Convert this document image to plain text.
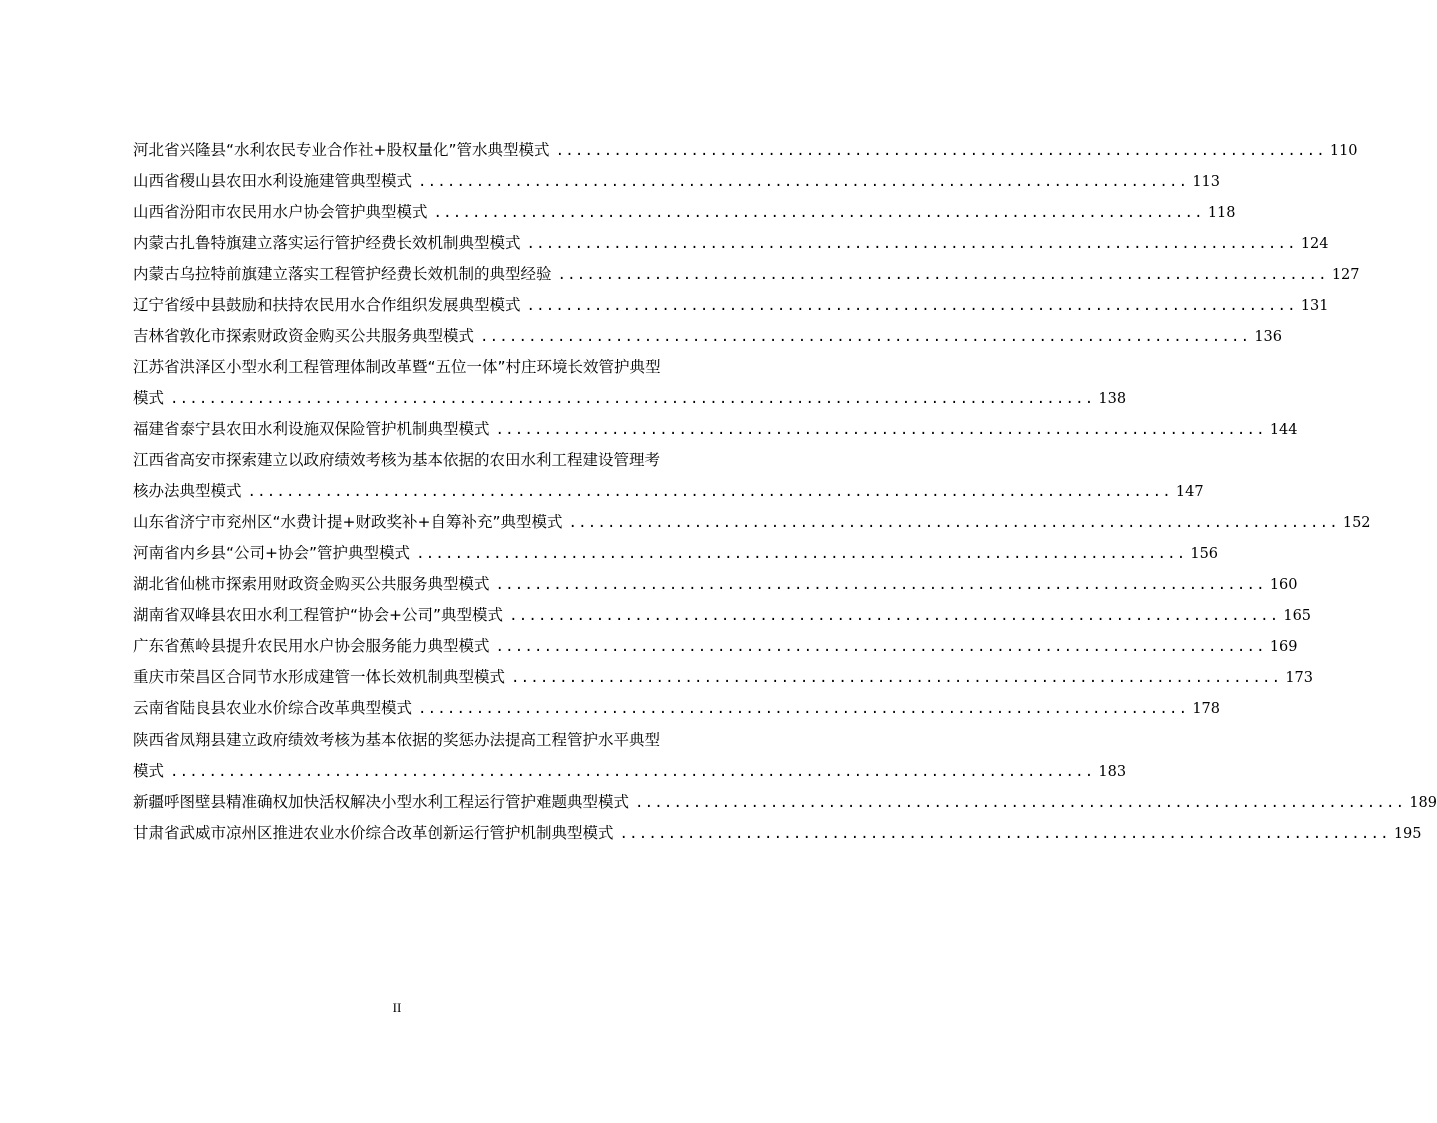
河北省兴隆县“水利农民专业合作社+股权量化”管水典型模式 ................................................................................ 110
山西省稷山县农田水利设施建管典型模式 ................................................................................ 113
山西省汾阳市农民用水户协会管护典型模式 ................................................................................ 118
内蒙古扎鲁特旗建立落实运行管护经费长效机制典型模式 ................................................................................ 124
内蒙古乌拉特前旗建立落实工程管护经费长效机制的典型经验 ................................................................................ 127
辽宁省绥中县鼓励和扶持农民用水合作组织发展典型模式 ................................................................................ 131
吉林省敦化市探索财政资金购买公共服务典型模式 ................................................................................ 136
江苏省洪泽区小型水利工程管理体制改革暨“五位一体”村庄环境长效管护典型
模式 ................................................................................................ 138
福建省泰宁县农田水利设施双保险管护机制典型模式 ................................................................................ 144
江西省高安市探索建立以政府绩效考核为基本依据的农田水利工程建设管理考
核办法典型模式 ................................................................................................ 147
山东省济宁市兖州区“水费计提+财政奖补+自筹补充”典型模式 ................................................................................ 152
河南省内乡县“公司+协会”管护典型模式 ................................................................................ 156
湖北省仙桃市探索用财政资金购买公共服务典型模式 ................................................................................ 160
湖南省双峰县农田水利工程管护“协会+公司”典型模式 ................................................................................ 165
广东省蕉岭县提升农民用水户协会服务能力典型模式 ................................................................................ 169
重庆市荣昌区合同节水形成建管一体长效机制典型模式 ................................................................................ 173
云南省陆良县农业水价综合改革典型模式 ................................................................................ 178
陕西省凤翔县建立政府绩效考核为基本依据的奖惩办法提高工程管护水平典型
模式 ................................................................................................ 183
新疆呼图壁县精准确权加快活权解决小型水利工程运行管护难题典型模式 ................................................................................ 189
甘肃省武威市凉州区推进农业水价综合改革创新运行管护机制典型模式 ................................................................................ 195
II
